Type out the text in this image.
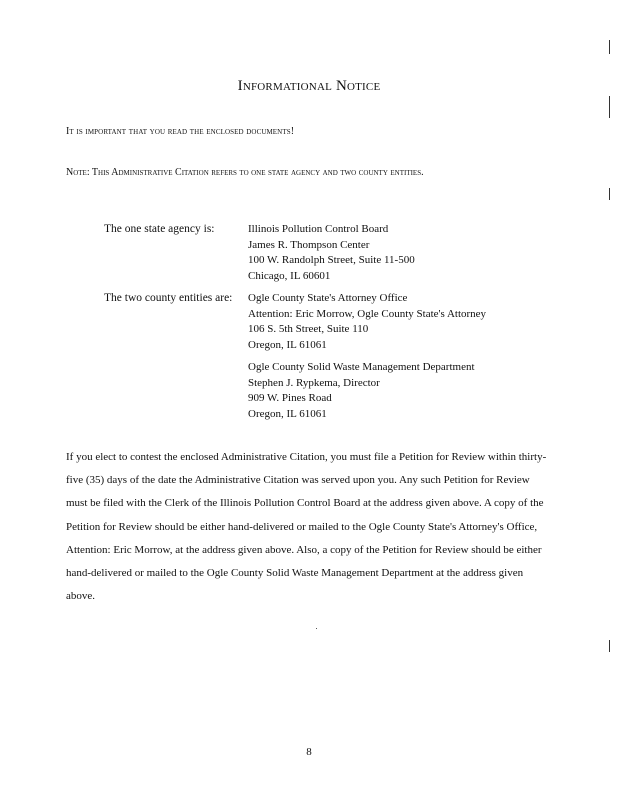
Informational Notice
It is important that you read the enclosed documents!
Note: This Administrative Citation refers to one state agency and two county entities.
The one state agency is:	Illinois Pollution Control Board
James R. Thompson Center
100 W. Randolph Street, Suite 11-500
Chicago, IL 60601
The two county entities are: Ogle County State's Attorney Office
Attention: Eric Morrow, Ogle County State's Attorney
106 S. 5th Street, Suite 110
Oregon, IL 61061
Ogle County Solid Waste Management Department
Stephen J. Rypkema, Director
909 W. Pines Road
Oregon, IL 61061
If you elect to contest the enclosed Administrative Citation, you must file a Petition for Review within thirty-five (35) days of the date the Administrative Citation was served upon you. Any such Petition for Review must be filed with the Clerk of the Illinois Pollution Control Board at the address given above. A copy of the Petition for Review should be either hand-delivered or mailed to the Ogle County State's Attorney's Office, Attention: Eric Morrow, at the address given above. Also, a copy of the Petition for Review should be either hand-delivered or mailed to the Ogle County Solid Waste Management Department at the address given above.
8
